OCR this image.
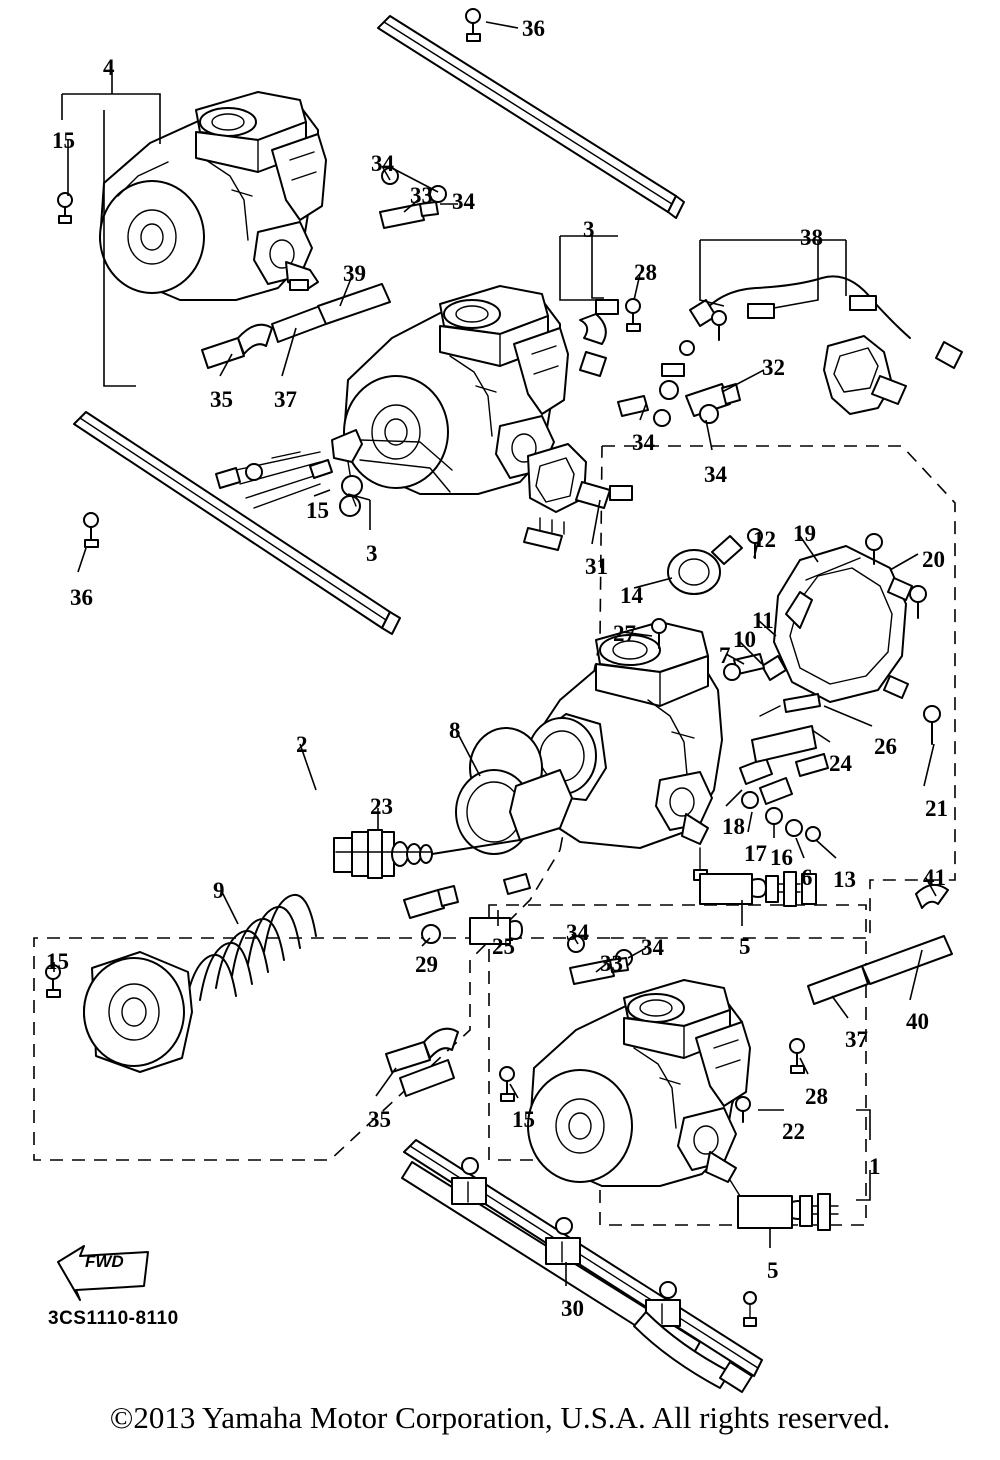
36
4
15
34
33 34
3	38
28
39
32
35 37
34
34
15
3
31
12 19
20
14
11
27	10
7
36
26
24
21
8
2
18
17 16
6 13
23
25
29
9
15
5
41
34
33
34
37
40
28
35	15	22
1
5
30
FWD
3CS1110-8110
©2013 Yamaha Motor Corporation, U.S.A. All rights reserved.
